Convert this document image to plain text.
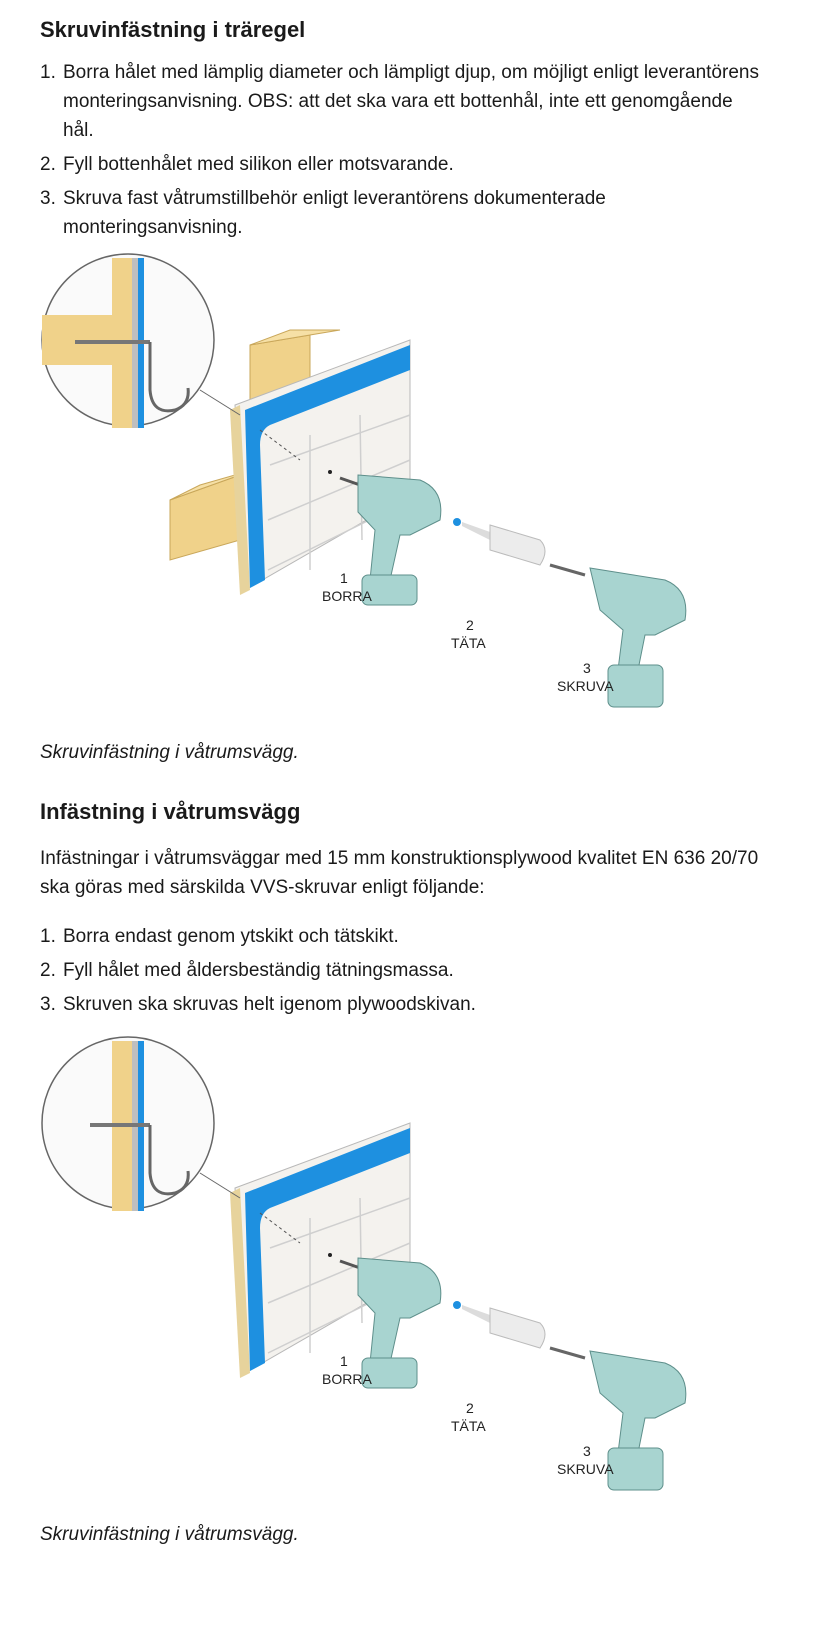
Skruvinfästning i träregel
1. Borra hålet med lämplig diameter och lämpligt djup, om möjligt enligt leverantörens monteringsanvisning. OBS: att det ska vara ett bottenhål, inte ett genomgående hål.
2. Fyll bottenhålet med silikon eller motsvarande.
3. Skruva fast våtrumstillbehör enligt leverantörens dokumenterade monteringsanvisning.
1
BORRA
2
TÄTA
3
SKRUVA
Skruvinfästning i våtrumsvägg.
Infästning i våtrumsvägg

Infästningar i våtrumsväggar med 15 mm konstruktionsplywood kvalitet EN 636 20/70 ska göras med särskilda VVS-skruvar enligt följande:

1. Borra endast genom ytskikt och tätskikt.
2. Fyll hålet med åldersbeständig tätningsmassa.
3. Skruven ska skruvas helt igenom plywoodskivan.
1
BORRA
2
TÄTA
3
SKRUVA
Skruvinfästning i våtrumsvägg.
